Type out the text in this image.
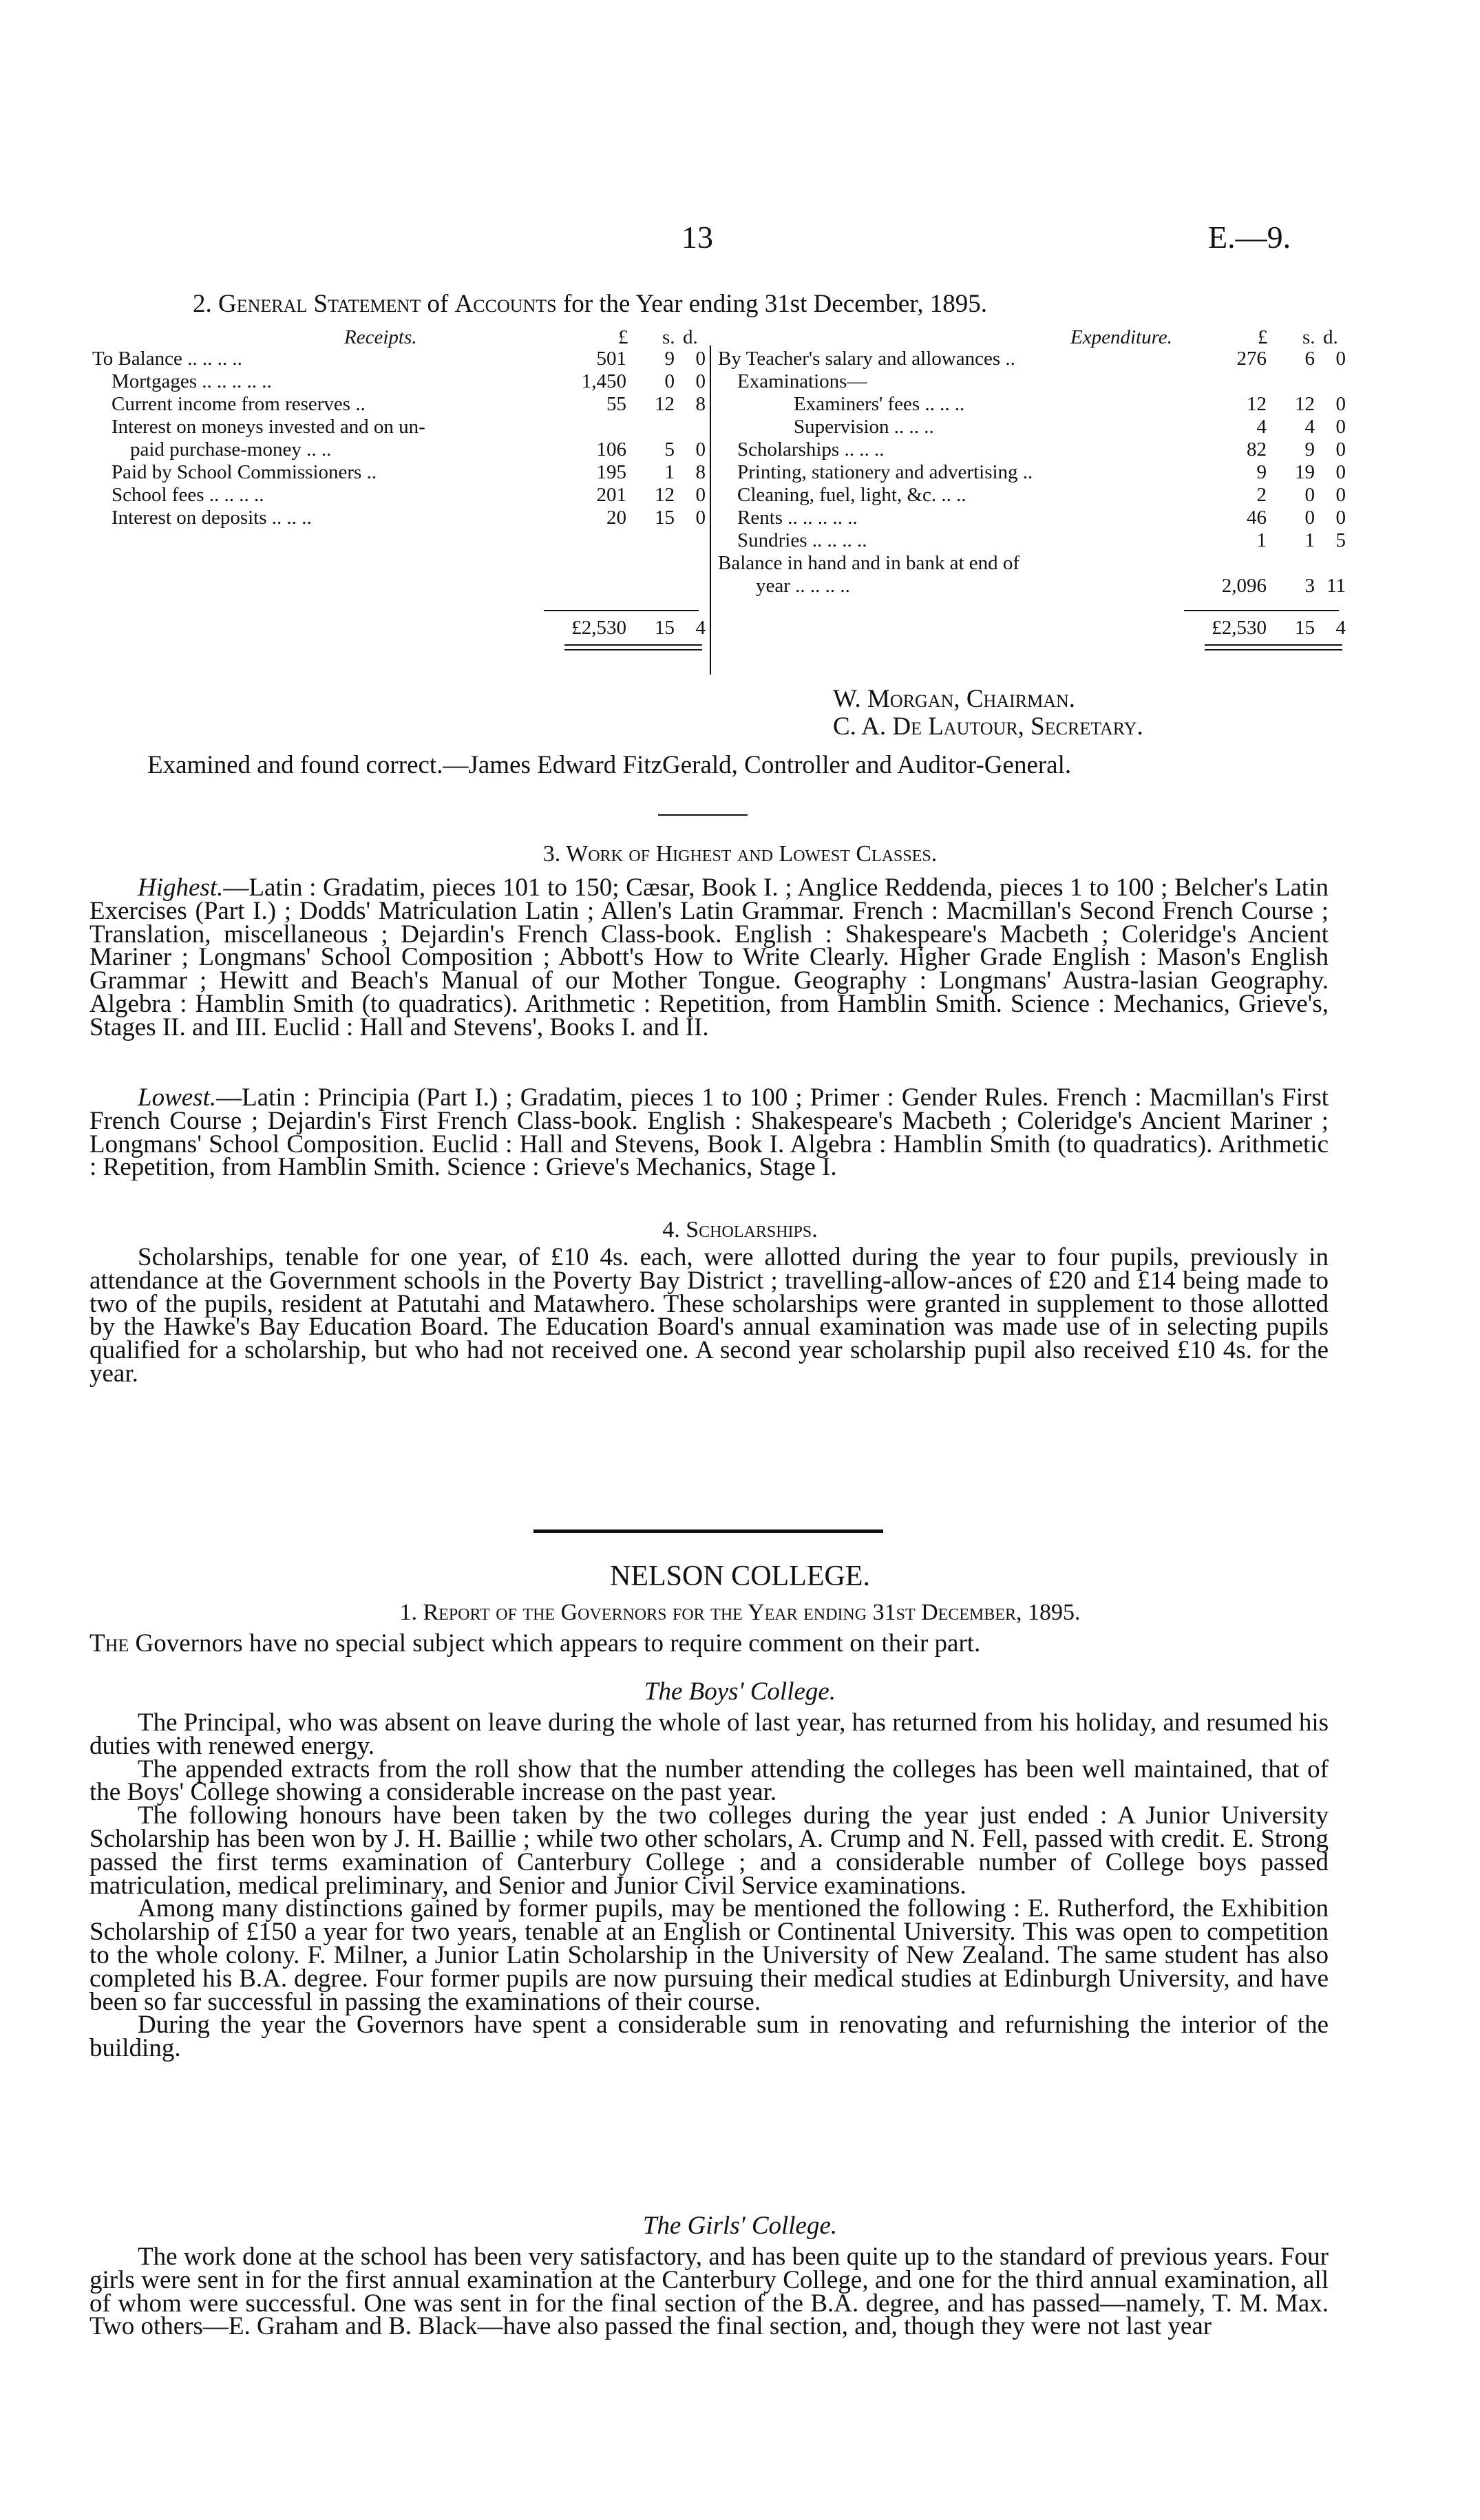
13	E.—9.
2. General Statement of Accounts for the Year ending 31st December, 1895.
Receipts.	£ s. d.	Expenditure.	£ s. d.
To Balance .. .. .. ..	501	9	0
Mortgages .. .. .. .. ..	1,450	0	0
Current income from reserves ..	55	12	8
Interest on moneys invested and on un-
paid purchase-money .. ..	106	5	0
Paid by School Commissioners ..	195	1	8
School fees .. .. .. ..	201	12	0
Interest on deposits .. .. ..	20	15	0
By Teacher's salary and allowances ..	276	6	0
Examinations—
Examiners' fees .. .. ..	12	12	0
Supervision .. .. ..	4	4	0
Scholarships .. .. ..	82	9	0
Printing, stationery and advertising ..	9	19	0
Cleaning, fuel, light, &c. .. ..	2	0	0
Rents .. .. .. .. ..	46	0	0
Sundries .. .. .. ..	1	1	5
Balance in hand and in bank at end of
year .. .. .. ..	2,096	3 11
£2,530	15	4	£2,530	15	4
W. Morgan, Chairman.
C. A. De Lautour, Secretary.
Examined and found correct.—James Edward FitzGerald, Controller and Auditor-General.
3. Work of Highest and Lowest Classes.
Highest.—Latin : Gradatim, pieces 101 to 150; Cæsar, Book I. ; Anglice Reddenda, pieces 1 to 100 ; Belcher's Latin Exercises (Part I.) ; Dodds' Matriculation Latin ; Allen's Latin Grammar. French : Macmillan's Second French Course ; Translation, miscellaneous ; Dejardin's French Class-book. English : Shakespeare's Macbeth ; Coleridge's Ancient Mariner ; Longmans' School Composition ; Abbott's How to Write Clearly. Higher Grade English : Mason's English Grammar ; Hewitt and Beach's Manual of our Mother Tongue. Geography : Longmans' Austra-lasian Geography. Algebra : Hamblin Smith (to quadratics). Arithmetic : Repetition, from Hamblin Smith. Science : Mechanics, Grieve's, Stages II. and III. Euclid : Hall and Stevens', Books I. and II.
Lowest.—Latin : Principia (Part I.) ; Gradatim, pieces 1 to 100 ; Primer : Gender Rules. French : Macmillan's First French Course ; Dejardin's First French Class-book. English : Shakespeare's Macbeth ; Coleridge's Ancient Mariner ; Longmans' School Composition. Euclid : Hall and Stevens, Book I. Algebra : Hamblin Smith (to quadratics). Arithmetic : Repetition, from Hamblin Smith. Science : Grieve's Mechanics, Stage I.
4. Scholarships.
Scholarships, tenable for one year, of £10 4s. each, were allotted during the year to four pupils, previously in attendance at the Government schools in the Poverty Bay District ; travelling-allow-ances of £20 and £14 being made to two of the pupils, resident at Patutahi and Matawhero. These scholarships were granted in supplement to those allotted by the Hawke's Bay Education Board. The Education Board's annual examination was made use of in selecting pupils qualified for a scholarship, but who had not received one. A second year scholarship pupil also received £10 4s. for the year.
NELSON COLLEGE.
1. Report of the Governors for the Year ending 31st December, 1895.
The Governors have no special subject which appears to require comment on their part.
The Boys' College.
The Principal, who was absent on leave during the whole of last year, has returned from his holiday, and resumed his duties with renewed energy.
The appended extracts from the roll show that the number attending the colleges has been well maintained, that of the Boys' College showing a considerable increase on the past year.
The following honours have been taken by the two colleges during the year just ended : A Junior University Scholarship has been won by J. H. Baillie ; while two other scholars, A. Crump and N. Fell, passed with credit. E. Strong passed the first terms examination of Canterbury College ; and a considerable number of College boys passed matriculation, medical preliminary, and Senior and Junior Civil Service examinations.
Among many distinctions gained by former pupils, may be mentioned the following : E. Rutherford, the Exhibition Scholarship of £150 a year for two years, tenable at an English or Continental University. This was open to competition to the whole colony. F. Milner, a Junior Latin Scholarship in the University of New Zealand. The same student has also completed his B.A. degree. Four former pupils are now pursuing their medical studies at Edinburgh University, and have been so far successful in passing the examinations of their course.
During the year the Governors have spent a considerable sum in renovating and refurnishing the interior of the building.
The Girls' College.
The work done at the school has been very satisfactory, and has been quite up to the standard of previous years. Four girls were sent in for the first annual examination at the Canterbury College, and one for the third annual examination, all of whom were successful. One was sent in for the final section of the B.A. degree, and has passed—namely, T. M. Max. Two others—E. Graham and B. Black—have also passed the final section, and, though they were not last year
